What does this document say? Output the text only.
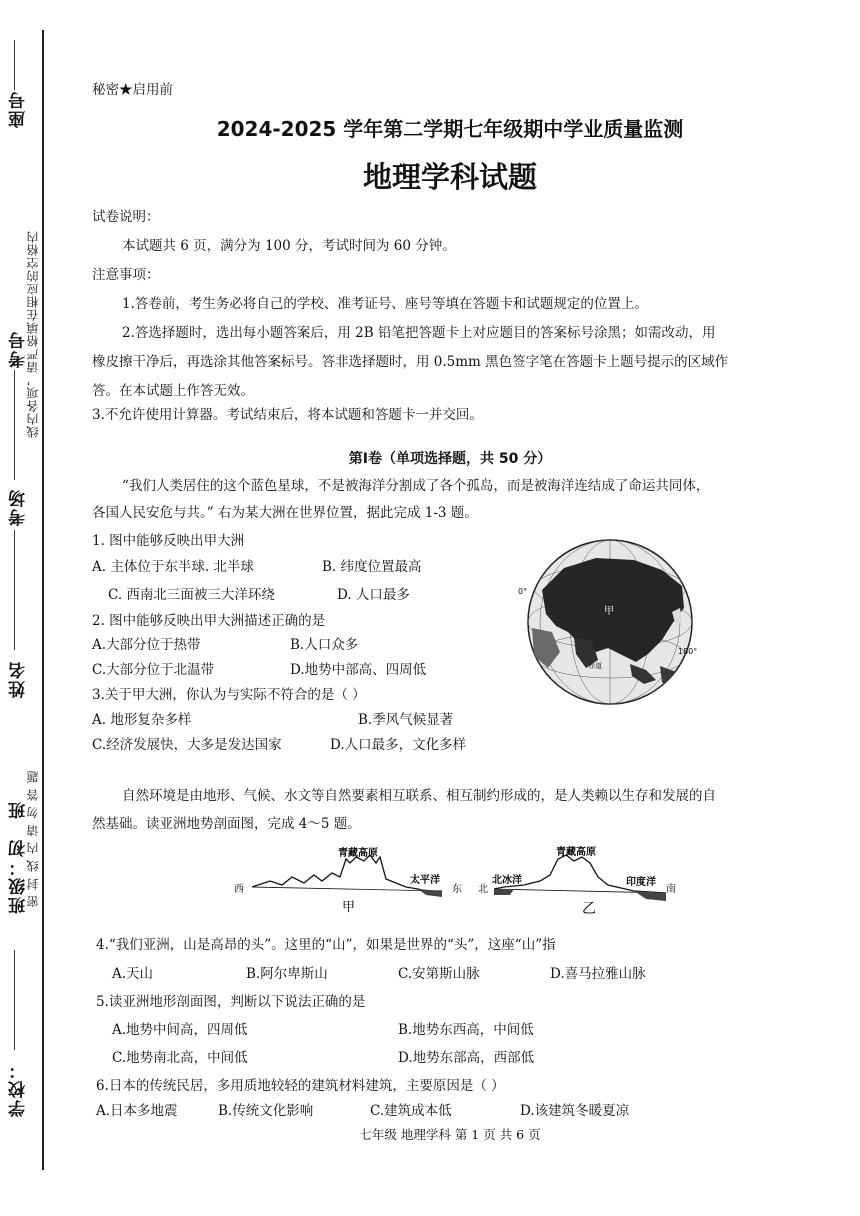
座号
考号
考场
姓名
班
班级：初
学校：
线内各项，请严格填在相应的空格内
密 封 线 内 请 勿 答 题
秘密★启用前
2024-2025 学年第二学期七年级期中学业质量监测
地理学科试题
试卷说明：
本试题共 6 页，满分为 100 分，考试时间为 60 分钟。
注意事项：
1.答卷前，考生务必将自己的学校、准考证号、座号等填在答题卡和试题规定的位置上。
2.答选择题时，选出每小题答案后，用 2B 铅笔把答题卡上对应题目的答案标号涂黑；如需改动，用
橡皮擦干净后，再选涂其他答案标号。答非选择题时，用 0.5mm 黑色签字笔在答题卡上题号提示的区域作
答。在本试题上作答无效。
3.不允许使用计算器。考试结束后，将本试题和答题卡一并交回。
第Ⅰ卷（单项选择题，共 50 分）
“我们人类居住的这个蓝色星球，不是被海洋分割成了各个孤岛，而是被海洋连结成了命运共同体，
各国人民安危与共。” 右为某大洲在世界位置，据此完成 1-3 题。
1. 图中能够反映出甲大洲
A. 主体位于东半球. 北半球	B. 纬度位置最高
C. 西南北三面被三大洋环绕	D. 人口最多
2. 图中能够反映出甲大洲描述正确的是
A.大部分位于热带	B.人口众多
C.大部分位于北温带	D.地势中部高、四周低
3.关于甲大洲，你认为与实际不符合的是（ ）
A. 地形复杂多样	B.季风气候显著
C.经济发展快，大多是发达国家	D.人口最多，文化多样
甲
0°
180°
赤道
自然环境是由地形、气候、水文等自然要素相互联系、相互制约形成的，是人类赖以生存和发展的自
然基础。读亚洲地势剖面图，完成 4～5 题。
青藏高原
西	东
太平洋
甲
青藏高原
北	南
北冰洋	印度洋
乙
4.“我们亚洲，山是高昂的头”。这里的“山”，如果是世界的“头”，这座“山”指
A.天山	B.阿尔卑斯山	C.安第斯山脉	D.喜马拉雅山脉
5.读亚洲地形剖面图，判断以下说法正确的是
A.地势中间高，四周低	B.地势东西高，中间低
C.地势南北高，中间低	D.地势东部高，西部低
6.日本的传统民居，多用质地较轻的建筑材料建筑，主要原因是（ ）
A.日本多地震	B.传统文化影响	C.建筑成本低	D.该建筑冬暖夏凉
七年级 地理学科 第 1 页 共 6 页
